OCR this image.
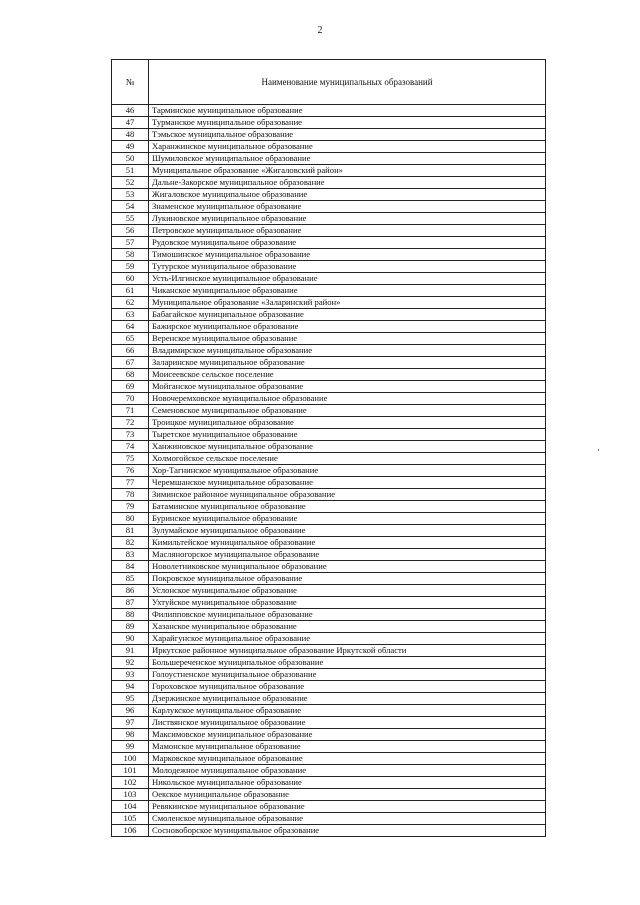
2
№	Наименование муниципальных образований
46	Тарминское муниципальное образование
47	Турманское муниципальное образование
48	Тэмьское муниципальное образование
49	Харанжинское муниципальное образование
50	Шумиловское муниципальное образование
51	Муниципальное образование «Жигаловский район»
52	Дальне-Закорское муниципальное образование
53	Жигаловское муниципальное образование
54	Знаменское муниципальное образование
55	Лукиновское муниципальное образование
56	Петровское муниципальное образование
57	Рудовское муниципальное образование
58	Тимошинское муниципальное образование
59	Тутурское муниципальное образование
60	Усть-Илгинское муниципальное образование
61	Чиканское муниципальное образование
62	Муниципальное образование «Заларинский район»
63	Бабагайское муниципальное образование
64	Бажирское муниципальное образование
65	Веренское муниципальное образование
66	Владимирское муниципальное образование
67	Заларинское муниципальное образование
68	Моисеевское сельское поселение
69	Мойганское муниципальное образование
70	Новочеремховское муниципальное образование
71	Семеновское муниципальное образование
72	Троицкое муниципальное образование
73	Тыретское муниципальное образование
74	Ханжиновское муниципальное образование
75	Холмогойское сельское поселение
76	Хор-Тагнинское муниципальное образование
77	Черемшанское муниципальное образование
78	Зиминское районное муниципальное образование
79	Батаминское муниципальное образование
80	Буринское муниципальное образование
81	Зулумайское муниципальное образование
82	Кимильтейское муниципальное образование
83	Масляногорское муниципальное образование
84	Новолетниковское муниципальное образование
85	Покровское муниципальное образование
86	Услонское муниципальное образование
87	Ухтуйское муниципальное образование
88	Филипповское муниципальное образование
89	Хазанское муниципальное образование
90	Харайгунское муниципальное образование
91	Иркутское районное муниципальное образование Иркутской области
92	Большереченское муниципальное образование
93	Голоустненское муниципальное образование
94	Гороховское муниципальное образование
95	Дзержинское муниципальное образование
96	Карлукское муниципальное образование
97	Листвянское муниципальное образование
98	Максимовское муниципальное образование
99	Мамонское муниципальное образование
100	Марковское муниципальное образование
101	Молодежное муниципальное образование
102	Никольское муниципальное образование
103	Оекское муниципальное образование
104	Ревякинское муниципальное образование
105	Смоленское муниципальное образование
106	Сосновоборское муниципальное образование
